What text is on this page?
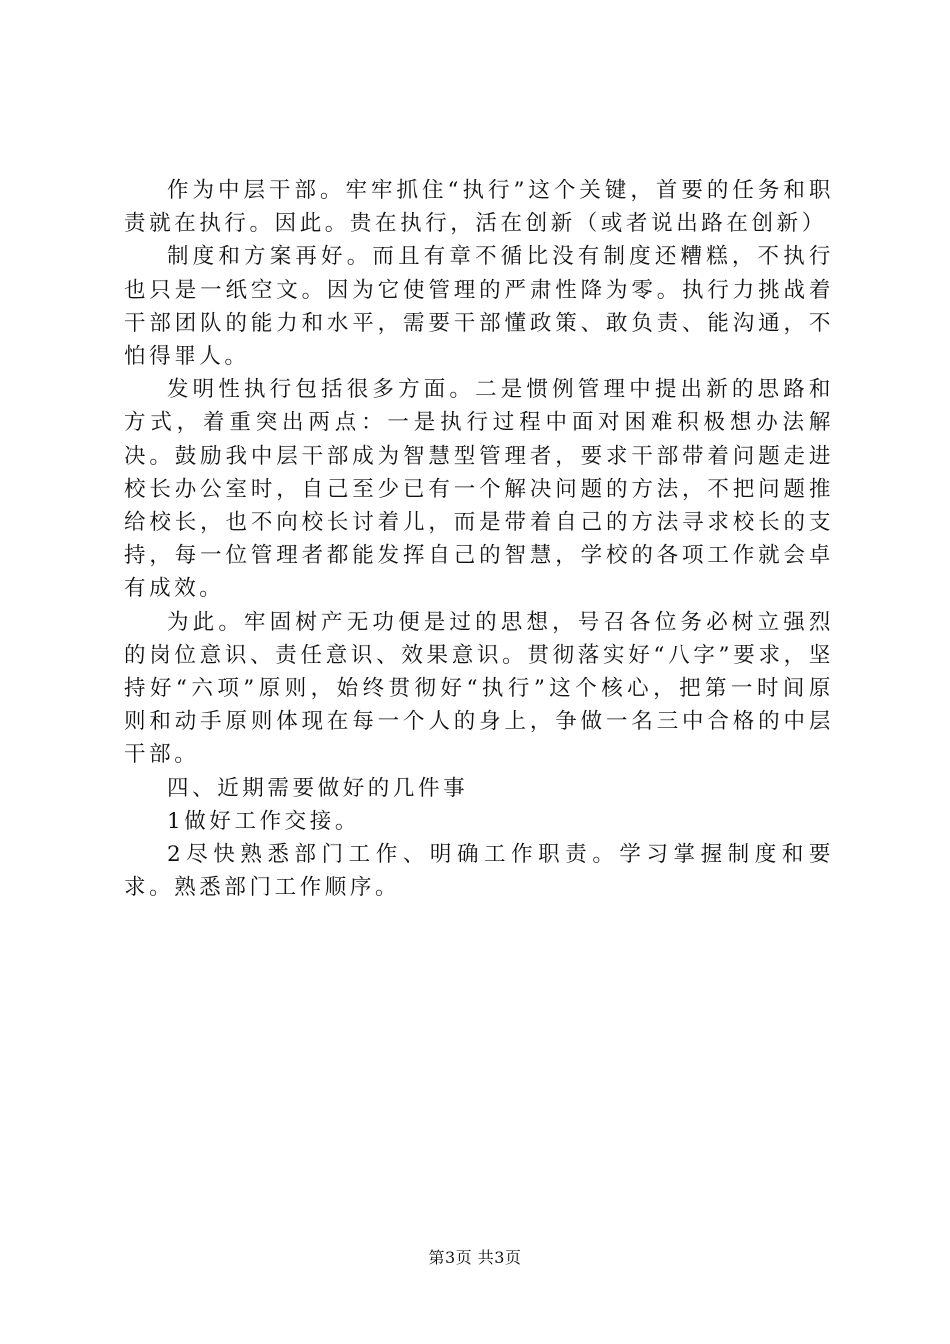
作为中层干部。牢牢抓住“执行”这个关键，首要的任务和职责就在执行。因此。贵在执行，活在创新（或者说出路在创新）

制度和方案再好。而且有章不循比没有制度还糟糕，不执行也只是一纸空文。因为它使管理的严肃性降为零。执行力挑战着干部团队的能力和水平，需要干部懂政策、敢负责、能沟通，不怕得罪人。

发明性执行包括很多方面。二是惯例管理中提出新的思路和方式，着重突出两点：一是执行过程中面对困难积极想办法解决。鼓励我中层干部成为智慧型管理者，要求干部带着问题走进校长办公室时，自己至少已有一个解决问题的方法，不把问题推给校长，也不向校长讨着儿，而是带着自己的方法寻求校长的支持，每一位管理者都能发挥自己的智慧，学校的各项工作就会卓有成效。

为此。牢固树产无功便是过的思想，号召各位务必树立强烈的岗位意识、责任意识、效果意识。贯彻落实好“八字”要求，坚持好“六项”原则，始终贯彻好“执行”这个核心，把第一时间原则和动手原则体现在每一个人的身上，争做一名三中合格的中层干部。

四、近期需要做好的几件事

1做好工作交接。

2尽快熟悉部门工作、明确工作职责。学习掌握制度和要求。熟悉部门工作顺序。

第3页 共3页
